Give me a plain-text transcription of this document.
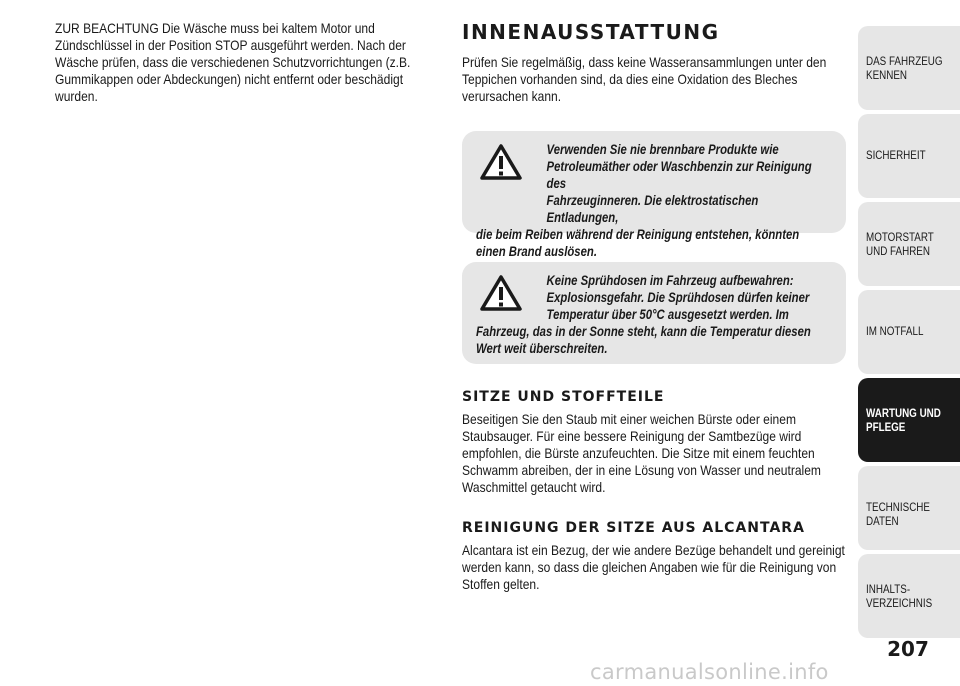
ZUR BEACHTUNG Die Wäsche muss bei kaltem Motor und Zündschlüssel in der Position STOP ausgeführt werden. Nach der Wäsche prüfen, dass die verschiedenen Schutzvorrichtungen (z.B. Gummikappen oder Abdeckungen) nicht entfernt oder beschädigt wurden.
INNENAUSSTATTUNG

Prüfen Sie regelmäßig, dass keine Wasseransammlungen unter den Teppichen vorhanden sind, da dies eine Oxidation des Bleches verursachen kann.

Verwenden Sie nie brennbare Produkte wie
Petroleumäther oder Waschbenzin zur Reinigung des
Fahrzeuginneren. Die elektrostatischen Entladungen,
die beim Reiben während der Reinigung entstehen, könnten einen Brand auslösen.
Keine Sprühdosen im Fahrzeug aufbewahren:
Explosionsgefahr. Die Sprühdosen dürfen keiner
Temperatur über 50°C ausgesetzt werden. Im
Fahrzeug, das in der Sonne steht, kann die Temperatur diesen Wert weit überschreiten.
SITZE UND STOFFTEILE

Beseitigen Sie den Staub mit einer weichen Bürste oder einem Staubsauger. Für eine bessere Reinigung der Samtbezüge wird empfohlen, die Bürste anzufeuchten. Die Sitze mit einem feuchten Schwamm abreiben, der in eine Lösung von Wasser und neutralem Waschmittel getaucht wird.

REINIGUNG DER SITZE AUS ALCANTARA

Alcantara ist ein Bezug, der wie andere Bezüge behandelt und gereinigt werden kann, so dass die gleichen Angaben wie für die Reinigung von Stoffen gelten.

DAS FAHRZEUG KENNEN
SICHERHEIT
MOTORSTART UND FAHREN
IM NOTFALL
WARTUNG UND PFLEGE
TECHNISCHE DATEN
INHALTS-VERZEICHNIS
207
carmanualsonline.info
